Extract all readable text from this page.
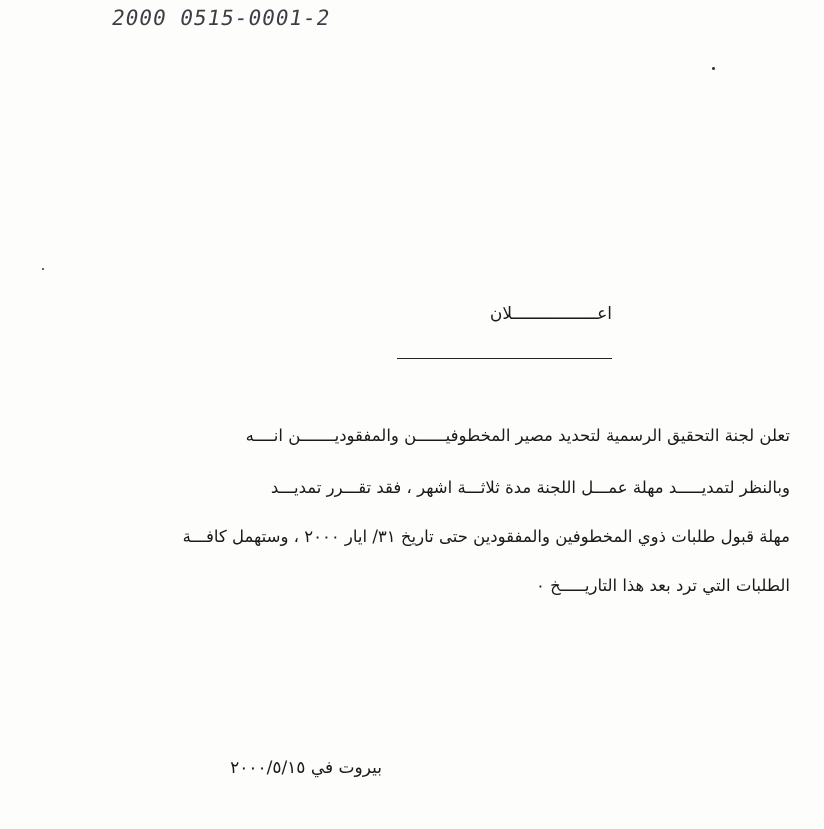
2000 0515-0001-2
اعـــــــــــــــــلان
تعلن لجنة التحقيق الرسمية لتحديد مصير المخطوفيــــــن والمفقوديـــــــن انــــه
وبالنظر لتمديـــــد مهلة عمـــل اللجنة مدة ثلاثـــة اشهر ، فقد تقـــرر تمديـــد
مهلة قبول طلبات ذوي المخطوفين والمفقودين حتى تاريخ ٣١/ ايار ٢٠٠٠ ، وستهمل كافـــة
الطلبات التي ترد بعد هذا التاريـــــخ ٠
بيروت في ٢٠٠٠/٥/١٥
